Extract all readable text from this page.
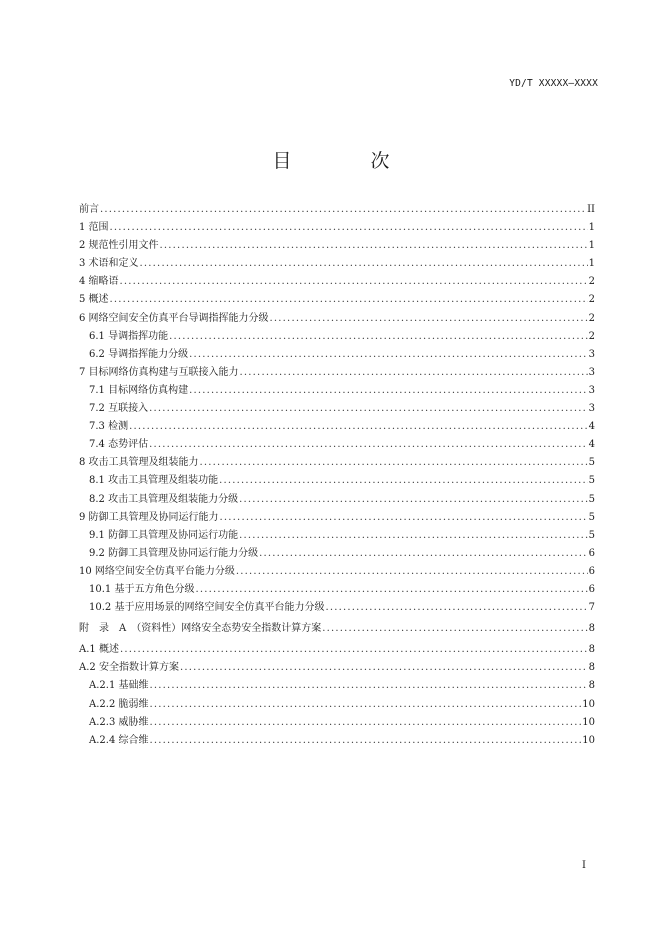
YD/T XXXXX—XXXX
目　次
前言 .....	II
1 范围 .....	1
2 规范性引用文件 .....	1
3 术语和定义 .....	1
4 缩略语 .....	2
5 概述 .....	2
6 网络空间安全仿真平台导调指挥能力分级 .....	2
6.1 导调指挥功能 .....	2
6.2 导调指挥能力分级 .....	3
7 目标网络仿真构建与互联接入能力 .....	3
7.1 目标网络仿真构建 .....	3
7.2 互联接入 .....	3
7.3 检测 .....	4
7.4 态势评估 .....	4
8 攻击工具管理及组装能力 .....	5
8.1 攻击工具管理及组装功能 .....	5
8.2 攻击工具管理及组装能力分级 .....	5
9 防御工具管理及协同运行能力 .....	5
9.1 防御工具管理及协同运行功能 .....	5
9.2 防御工具管理及协同运行能力分级 .....	6
10 网络空间安全仿真平台能力分级 .....	6
10.1 基于五方角色分级 .....	6
10.2 基于应用场景的网络空间安全仿真平台能力分级 .....	7
附　录　A　（资料性）网络安全态势安全指数计算方案 .....	8
A.1 概述 .....	8
A.2 安全指数计算方案 .....	8
A.2.1 基础维 .....	8
A.2.2 脆弱维 .....	10
A.2.3 威胁维 .....	10
A.2.4 综合维 .....	10
I
